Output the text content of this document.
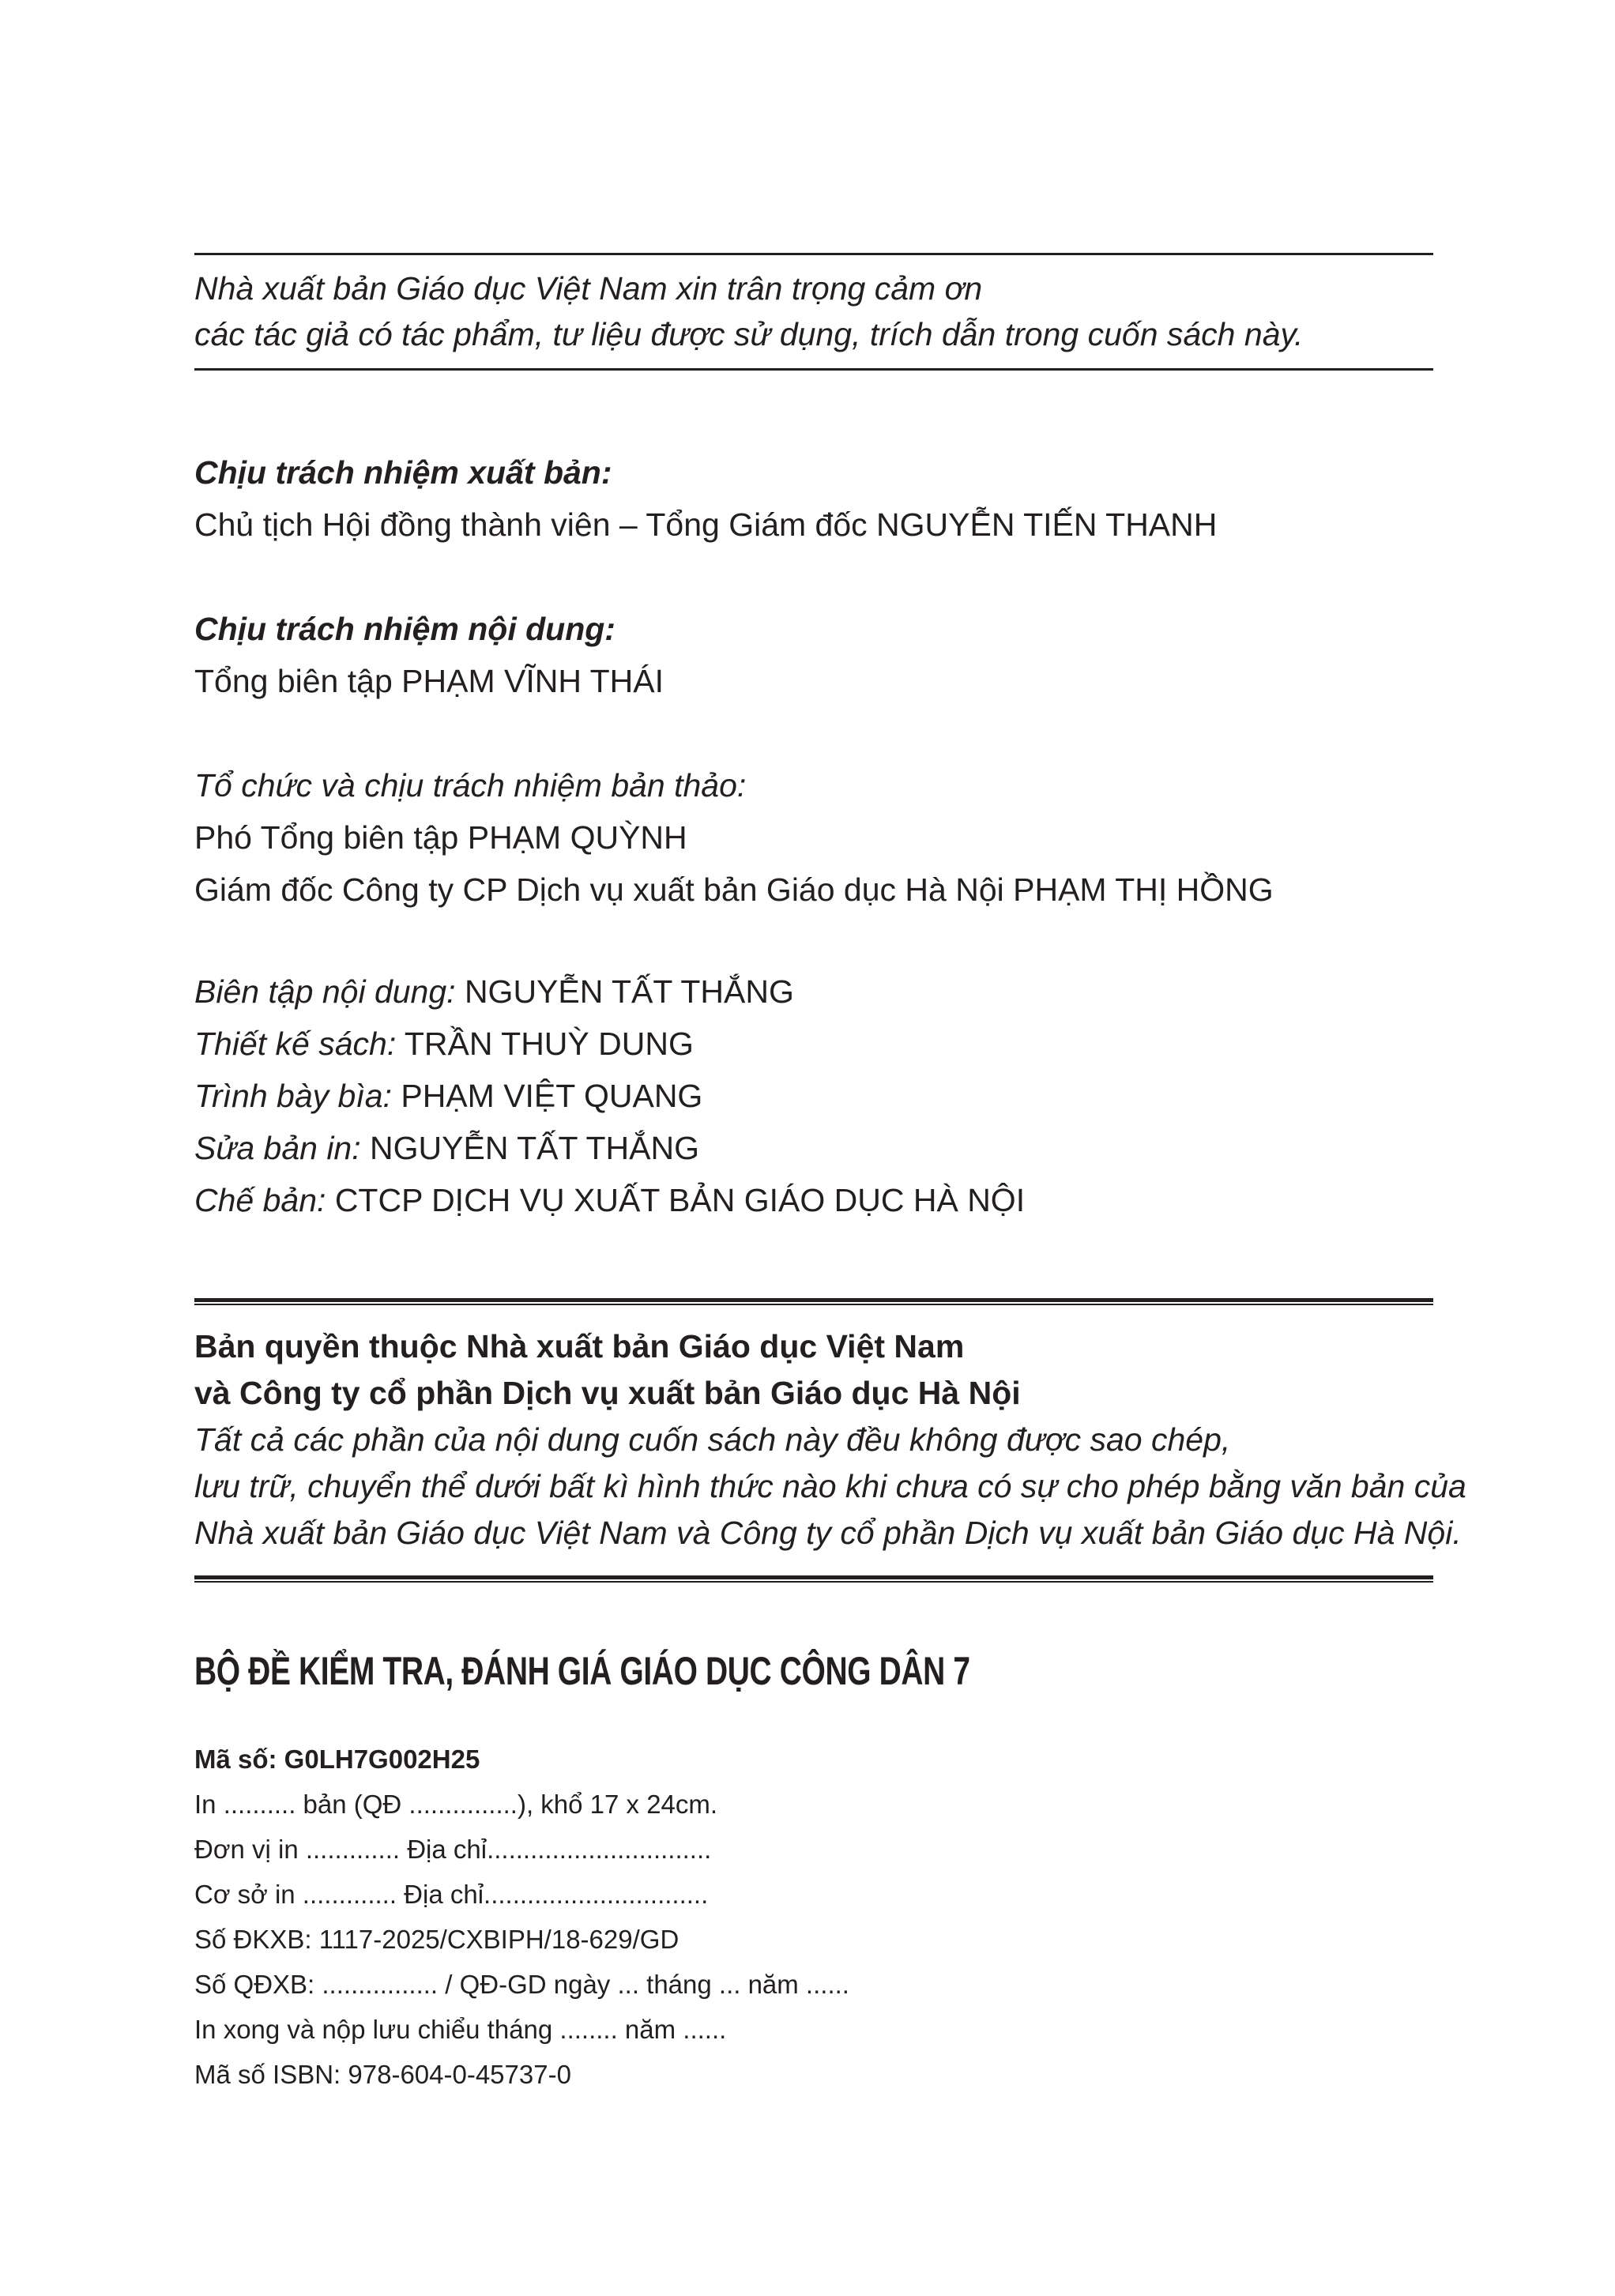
Nhà xuất bản Giáo dục Việt Nam xin trân trọng cảm ơn
các tác giả có tác phẩm, tư liệu được sử dụng, trích dẫn trong cuốn sách này.
Chịu trách nhiệm xuất bản:
Chủ tịch Hội đồng thành viên – Tổng Giám đốc NGUYỄN TIẾN THANH
Chịu trách nhiệm nội dung:
Tổng biên tập PHẠM VĨNH THÁI
Tổ chức và chịu trách nhiệm bản thảo:
Phó Tổng biên tập PHẠM QUỲNH
Giám đốc Công ty CP Dịch vụ xuất bản Giáo dục Hà Nội PHẠM THỊ HỒNG
Biên tập nội dung: NGUYỄN TẤT THẮNG
Thiết kế sách: TRẦN THUỲ DUNG
Trình bày bìa: PHẠM VIỆT QUANG
Sửa bản in: NGUYỄN TẤT THẮNG
Chế bản: CTCP DỊCH VỤ XUẤT BẢN GIÁO DỤC HÀ NỘI
Bản quyền thuộc Nhà xuất bản Giáo dục Việt Nam
và Công ty cổ phần Dịch vụ xuất bản Giáo dục Hà Nội
Tất cả các phần của nội dung cuốn sách này đều không được sao chép,
lưu trữ, chuyển thể dưới bất kì hình thức nào khi chưa có sự cho phép bằng văn bản của
Nhà xuất bản Giáo dục Việt Nam và Công ty cổ phần Dịch vụ xuất bản Giáo dục Hà Nội.
BỘ ĐỀ KIỂM TRA, ĐÁNH GIÁ GIÁO DỤC CÔNG DÂN 7
Mã số: G0LH7G002H25
In .......... bản (QĐ ...............), khổ 17 x 24cm.
Đơn vị in ............. Địa chỉ...............................
Cơ sở in ............. Địa chỉ...............................
Số ĐKXB: 1117-2025/CXBIPH/18-629/GD
Số QĐXB: ................ / QĐ-GD ngày ... tháng ... năm ......
In xong và nộp lưu chiểu tháng ........ năm ......
Mã số ISBN: 978-604-0-45737-0
